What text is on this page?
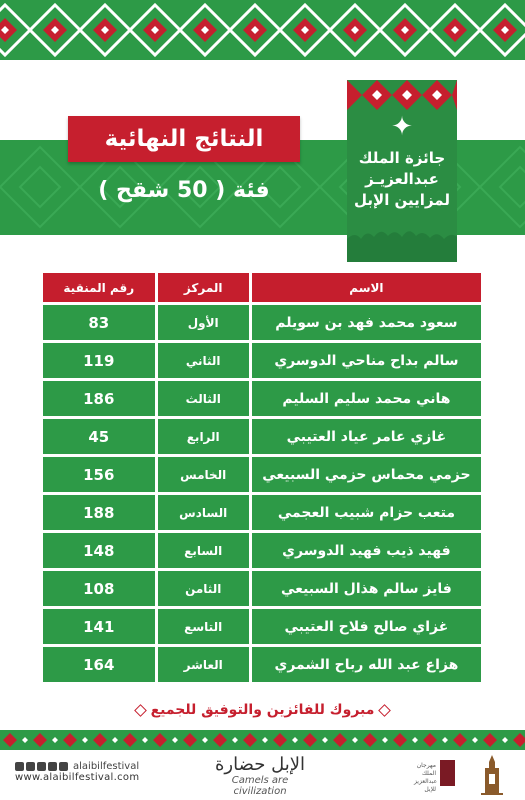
النتائج النهائية
فئة ( 50 شقح )
✦
جائزة الملك
عبدالعزيـز
لمزايين الإبل
الاسم	المركز	رقم المنقية
سعود محمد فهد بن سويلم	الأول	83
سالم بداح مناحي الدوسري	الثاني	119
هاني محمد سليم السليم	الثالث	186
غازي عامر عياد العتيبي	الرابع	45
حزمي محماس حزمي السبيعي	الخامس	156
متعب حزام شبيب العجمي	السادس	188
فهيد ذيب فهيد الدوسري	السابع	148
فايز سالم هذال السبيعي	الثامن	108
غزاي صالح فلاح العتيبي	التاسع	141
هزاع عبد الله رباح الشمري	العاشر	164
مبروك للفائزين والتوفيق للجميع
alaibilfestival
www.alaibilfestival.com
الإبل حضارة
Camels are civilization
مهرجان الملك عبدالعزيز للإبل
